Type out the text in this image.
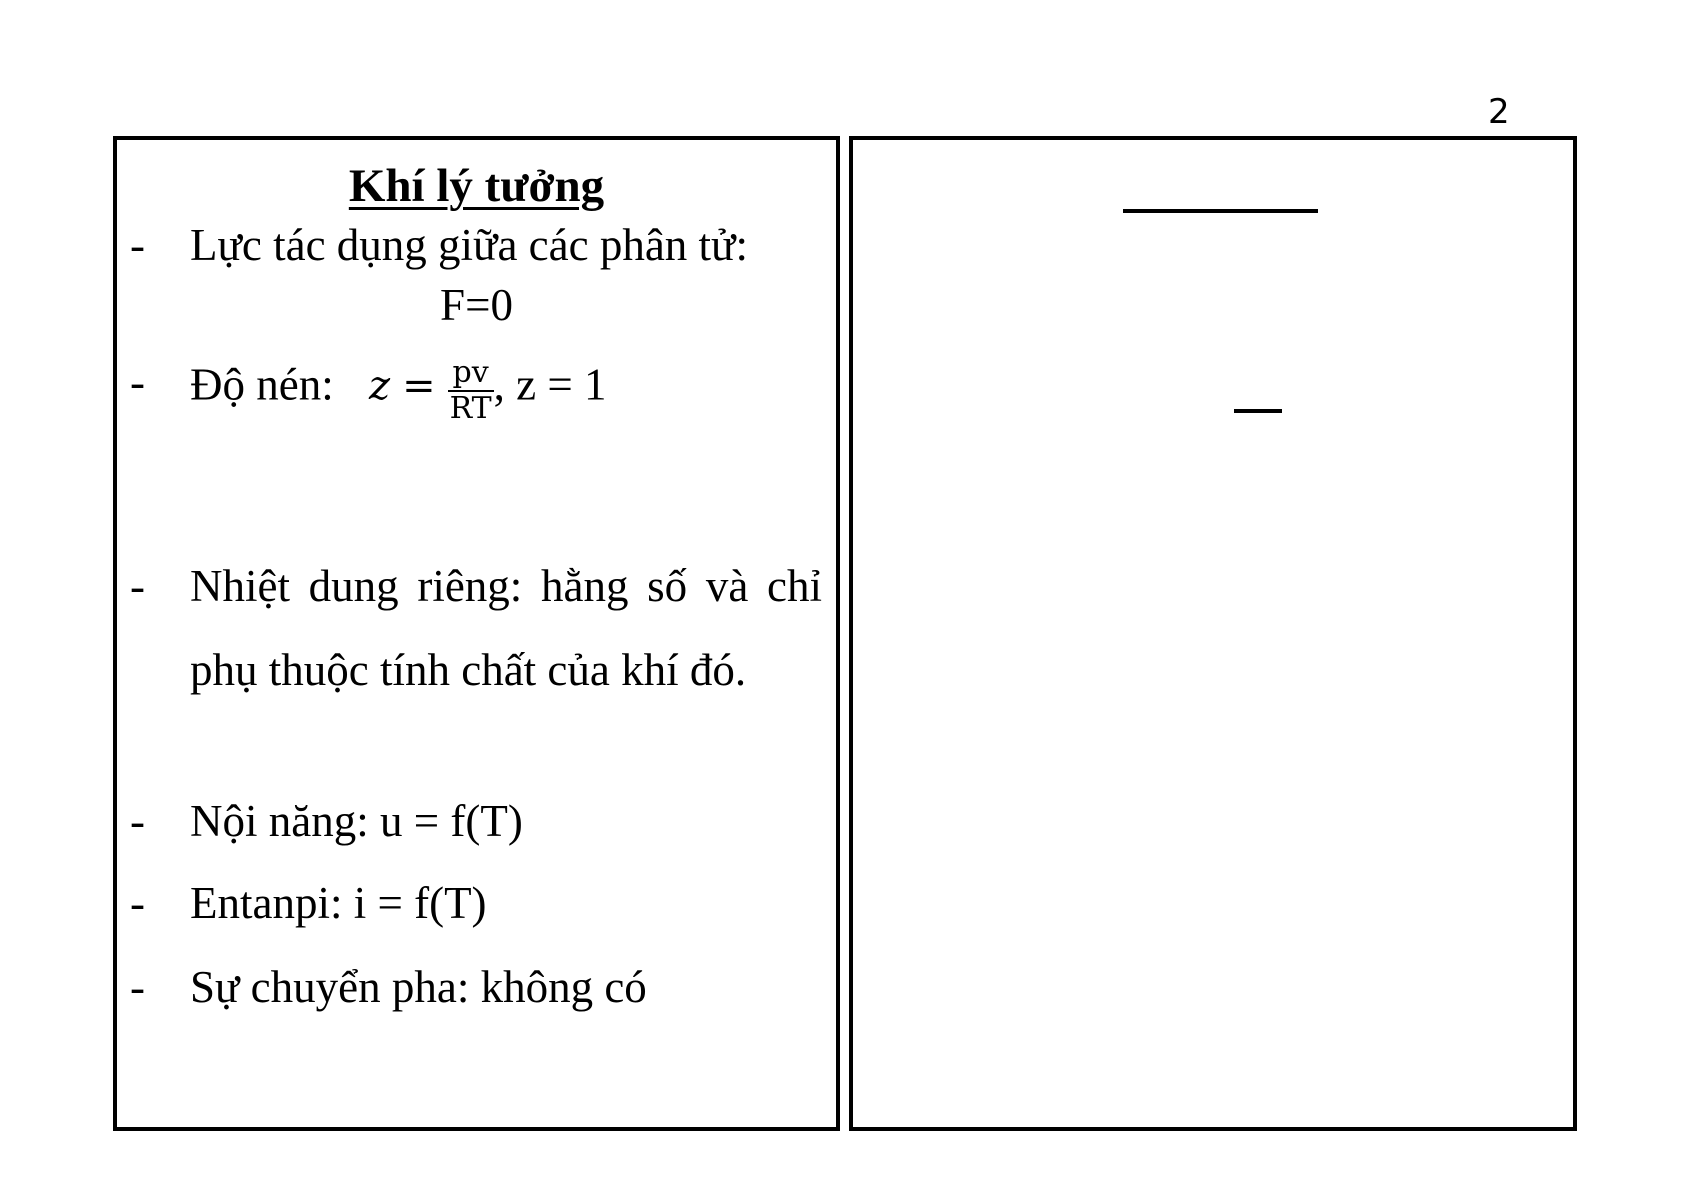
2
Khí lý tưởng
- Lực tác dụng giữa các phân tử:
F=0
- Độ nén: $z = \frac{pv}{RT}$ , z = 1
- Nhiệt dung riêng: hằng số và chỉ phụ thuộc tính chất của khí đó.
- Nội năng: u = f(T)
- Entanpi: i = f(T)
- Sự chuyển pha: không có
